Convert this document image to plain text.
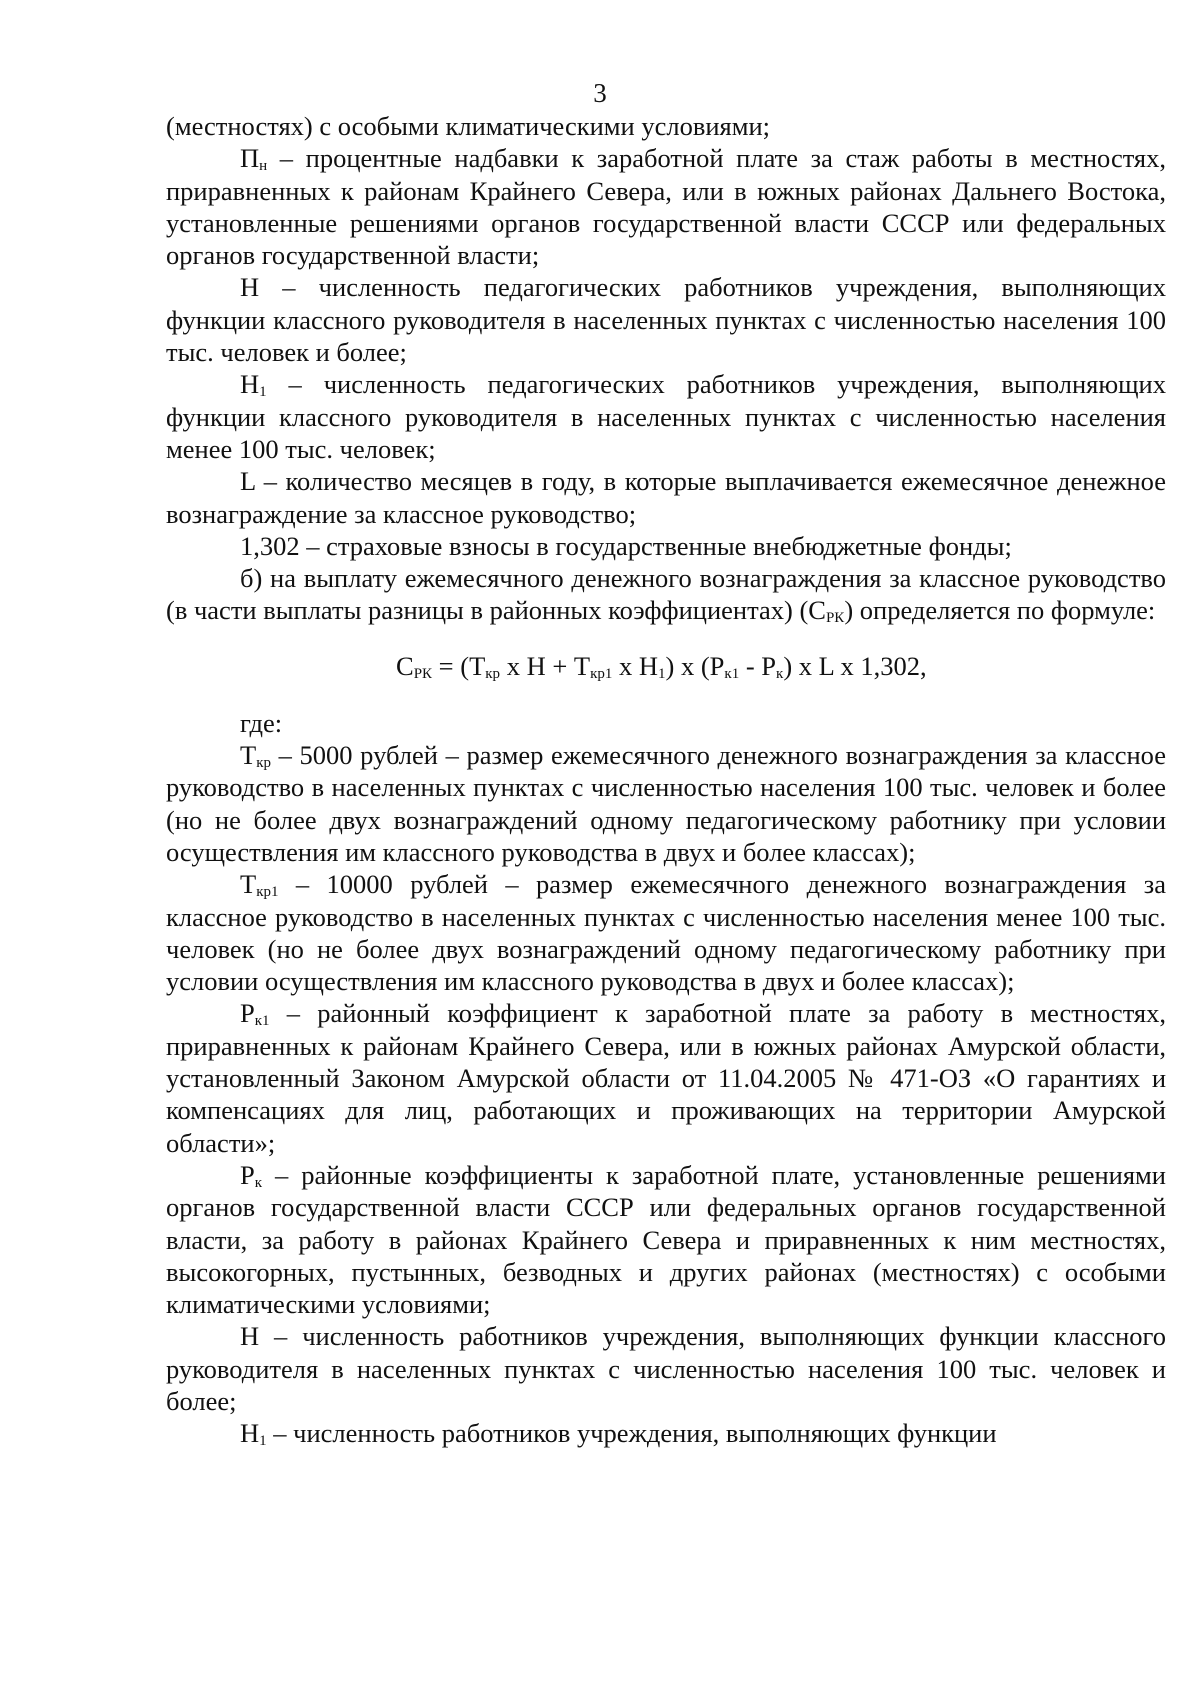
3

(местностях) с особыми климатическими условиями;

$П_н$ – процентные надбавки к заработной плате за стаж работы в местностях, приравненных к районам Крайнего Севера, или в южных районах Дальнего Востока, установленные решениями органов государственной власти СССР или федеральных органов государственной власти;

Н – численность педагогических работников учреждения, выполняющих функции классного руководителя в населенных пунктах с численностью населения 100 тыс. человек и более;

$Н_1$ – численность педагогических работников учреждения, выполняющих функции классного руководителя в населенных пунктах с численностью населения менее 100 тыс. человек;

L – количество месяцев в году, в которые выплачивается ежемесячное денежное вознаграждение за классное руководство;

1,302 – страховые взносы в государственные внебюджетные фонды;

б) на выплату ежемесячного денежного вознаграждения за классное руководство (в части выплаты разницы в районных коэффициентах) $(С_{РК})$ определяется по формуле:

$С_{РК} = (Т_{кр}$ х $Н + Т_{кр1}$ х $Н_1$) х $(Р_{к1} - Р_к)$ х L х 1,302,

где:

$Т_{кр} - 5000$ рублей – размер ежемесячного денежного вознаграждения за классное руководство в населенных пунктах с численностью населения 100 тыс. человек и более (но не более двух вознаграждений одному педагогическому работнику при условии осуществления им классного руководства в двух и более классах);

$Т_{кр1} - 10000$ рублей – размер ежемесячного денежного вознаграждения за классное руководство в населенных пунктах с численностью населения менее 100 тыс. человек (но не более двух вознаграждений одному педагогическому работнику при условии осуществления им классного руководства в двух и более классах);

$Р_{к1}$ – районный коэффициент к заработной плате за работу в местностях, приравненных к районам Крайнего Севера, или в южных районах Амурской области, установленный Законом Амурской области от 11.04.2005 № 471-ОЗ «О гарантиях и компенсациях для лиц, работающих и проживающих на территории Амурской области»;

$Р_к$ – районные коэффициенты к заработной плате, установленные решениями органов государственной власти СССР или федеральных органов государственной власти, за работу в районах Крайнего Севера и приравненных к ним местностях, высокогорных, пустынных, безводных и других районах (местностях) с особыми климатическими условиями;

Н – численность работников учреждения, выполняющих функции классного руководителя в населенных пунктах с численностью населения 100 тыс. человек и более;

$Н_1$ – численность работников учреждения, выполняющих функции
